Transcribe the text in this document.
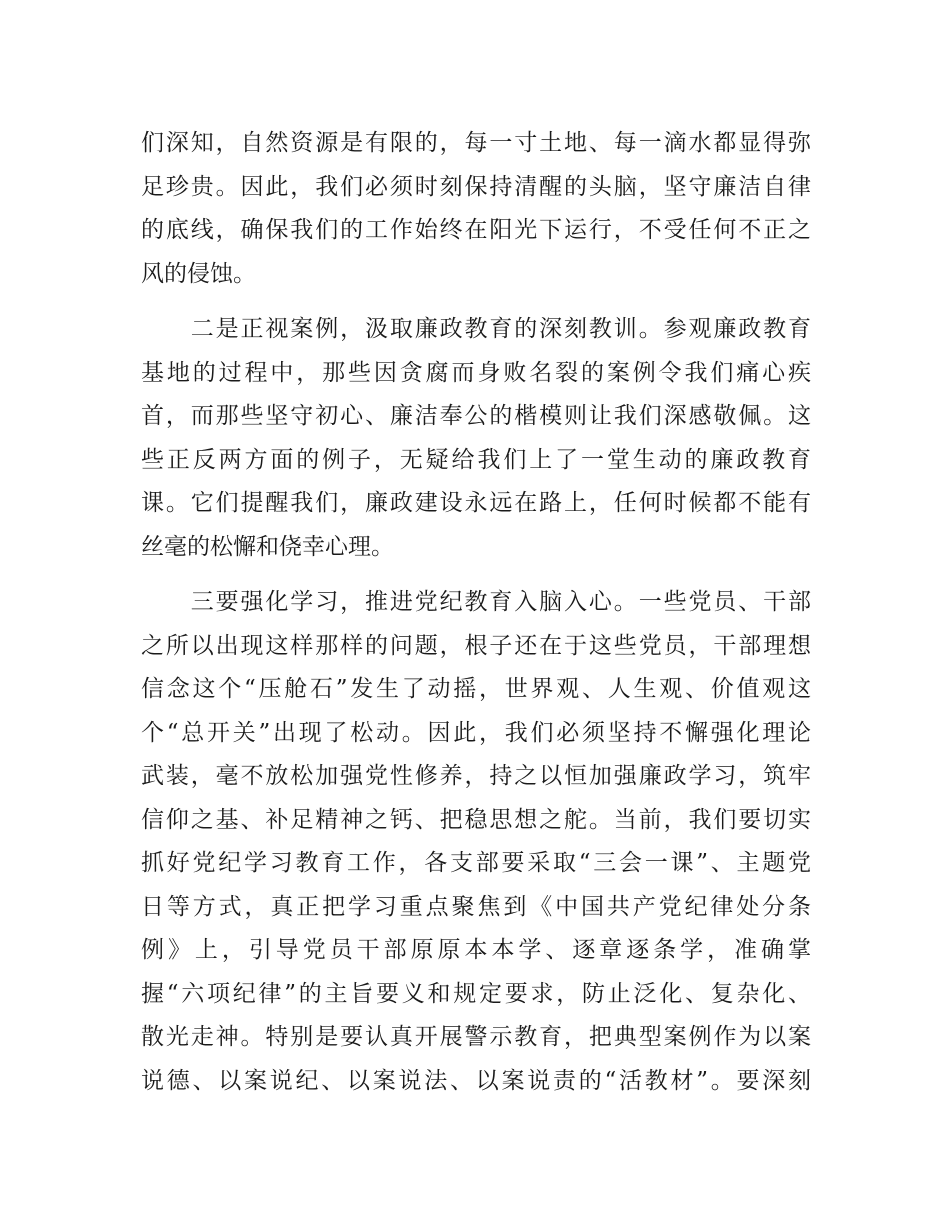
们深知，自然资源是有限的，每一寸土地、每一滴水都显得弥
足珍贵。因此，我们必须时刻保持清醒的头脑，坚守廉洁自律
的底线，确保我们的工作始终在阳光下运行，不受任何不正之
风的侵蚀。
　　二是正视案例，汲取廉政教育的深刻教训。参观廉政教育
基地的过程中，那些因贪腐而身败名裂的案例令我们痛心疾
首，而那些坚守初心、廉洁奉公的楷模则让我们深感敬佩。这
些正反两方面的例子，无疑给我们上了一堂生动的廉政教育
课。它们提醒我们，廉政建设永远在路上，任何时候都不能有
丝毫的松懈和侥幸心理。
　　三要强化学习，推进党纪教育入脑入心。一些党员、干部
之所以出现这样那样的问题，根子还在于这些党员，干部理想
信念这个“压舱石”发生了动摇，世界观、人生观、价值观这
个“总开关”出现了松动。因此，我们必须坚持不懈强化理论
武装，毫不放松加强党性修养，持之以恒加强廉政学习，筑牢
信仰之基、补足精神之钙、把稳思想之舵。当前，我们要切实
抓好党纪学习教育工作，各支部要采取“三会一课”、主题党
日等方式，真正把学习重点聚焦到《中国共产党纪律处分条
例》上，引导党员干部原原本本学、逐章逐条学，准确掌
握“六项纪律”的主旨要义和规定要求，防止泛化、复杂化、
散光走神。特别是要认真开展警示教育，把典型案例作为以案
说德、以案说纪、以案说法、以案说责的“活教材”。要深刻
